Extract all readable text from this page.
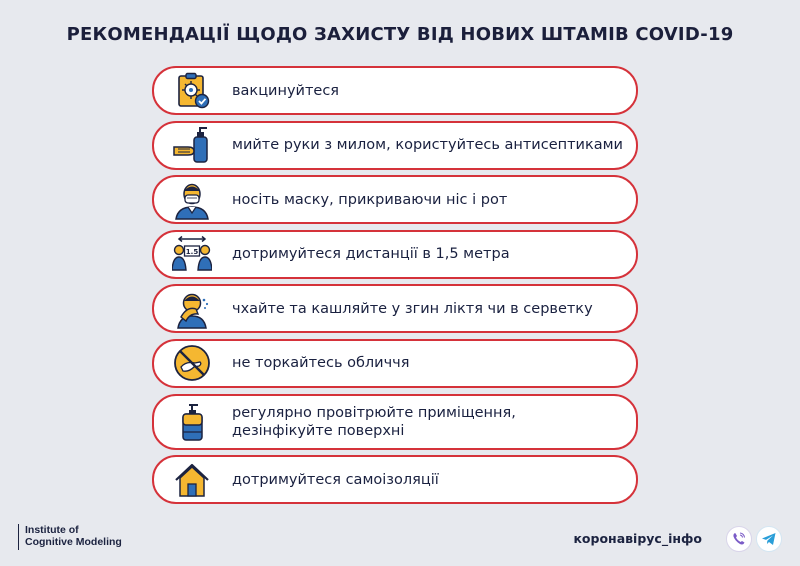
РЕКОМЕНДАЦІЇ ЩОДО ЗАХИСТУ ВІД НОВИХ ШТАМІВ COVID-19
вакцинуйтеся
мийте руки з милом, користуйтесь антисептиками
носіть маску, прикриваючи ніс і рот
1.5 дотримуйтеся дистанції в 1,5 метра
чхайте та кашляйте у згин ліктя чи в серветку
не торкайтесь обличчя
регулярно провітрюйте приміщення,
дезінфікуйте поверхні
дотримуйтеся самоізоляції
Institute of
Cognitive Modeling	коронавірус_інфо
